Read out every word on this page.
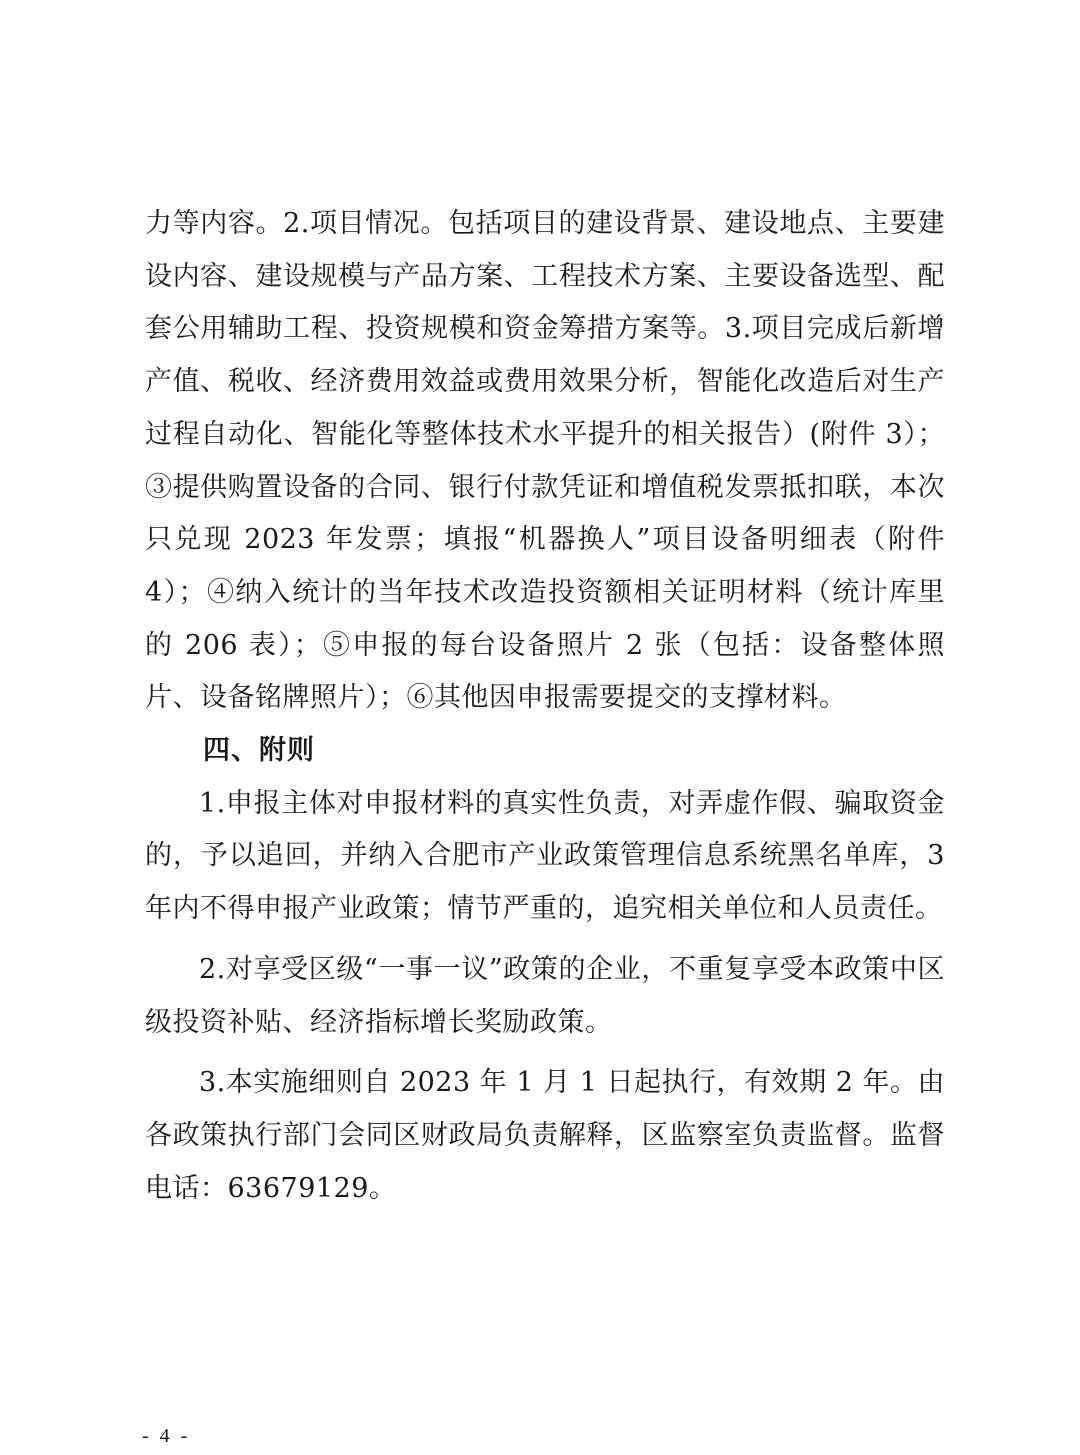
力等内容。2.项目情况。包括项目的建设背景、建设地点、主要建设内容、建设规模与产品方案、工程技术方案、主要设备选型、配套公用辅助工程、投资规模和资金筹措方案等。3.项目完成后新增产值、税收、经济费用效益或费用效果分析，智能化改造后对生产过程自动化、智能化等整体技术水平提升的相关报告）(附件 3）；③提供购置设备的合同、银行付款凭证和增值税发票抵扣联，本次只兑现 2023 年发票；填报“机器换人”项目设备明细表（附件 4）；④纳入统计的当年技术改造投资额相关证明材料（统计库里的 206 表）；⑤申报的每台设备照片 2 张（包括：设备整体照片、设备铭牌照片）；⑥其他因申报需要提交的支撑材料。

四、附则

1.申报主体对申报材料的真实性负责，对弄虚作假、骗取资金的，予以追回，并纳入合肥市产业政策管理信息系统黑名单库，3 年内不得申报产业政策；情节严重的，追究相关单位和人员责任。

2.对享受区级“一事一议”政策的企业，不重复享受本政策中区级投资补贴、经济指标增长奖励政策。

3.本实施细则自 2023 年 1 月 1 日起执行，有效期 2 年。由各政策执行部门会同区财政局负责解释，区监察室负责监督。监督电话：63679129。

- 4 -
